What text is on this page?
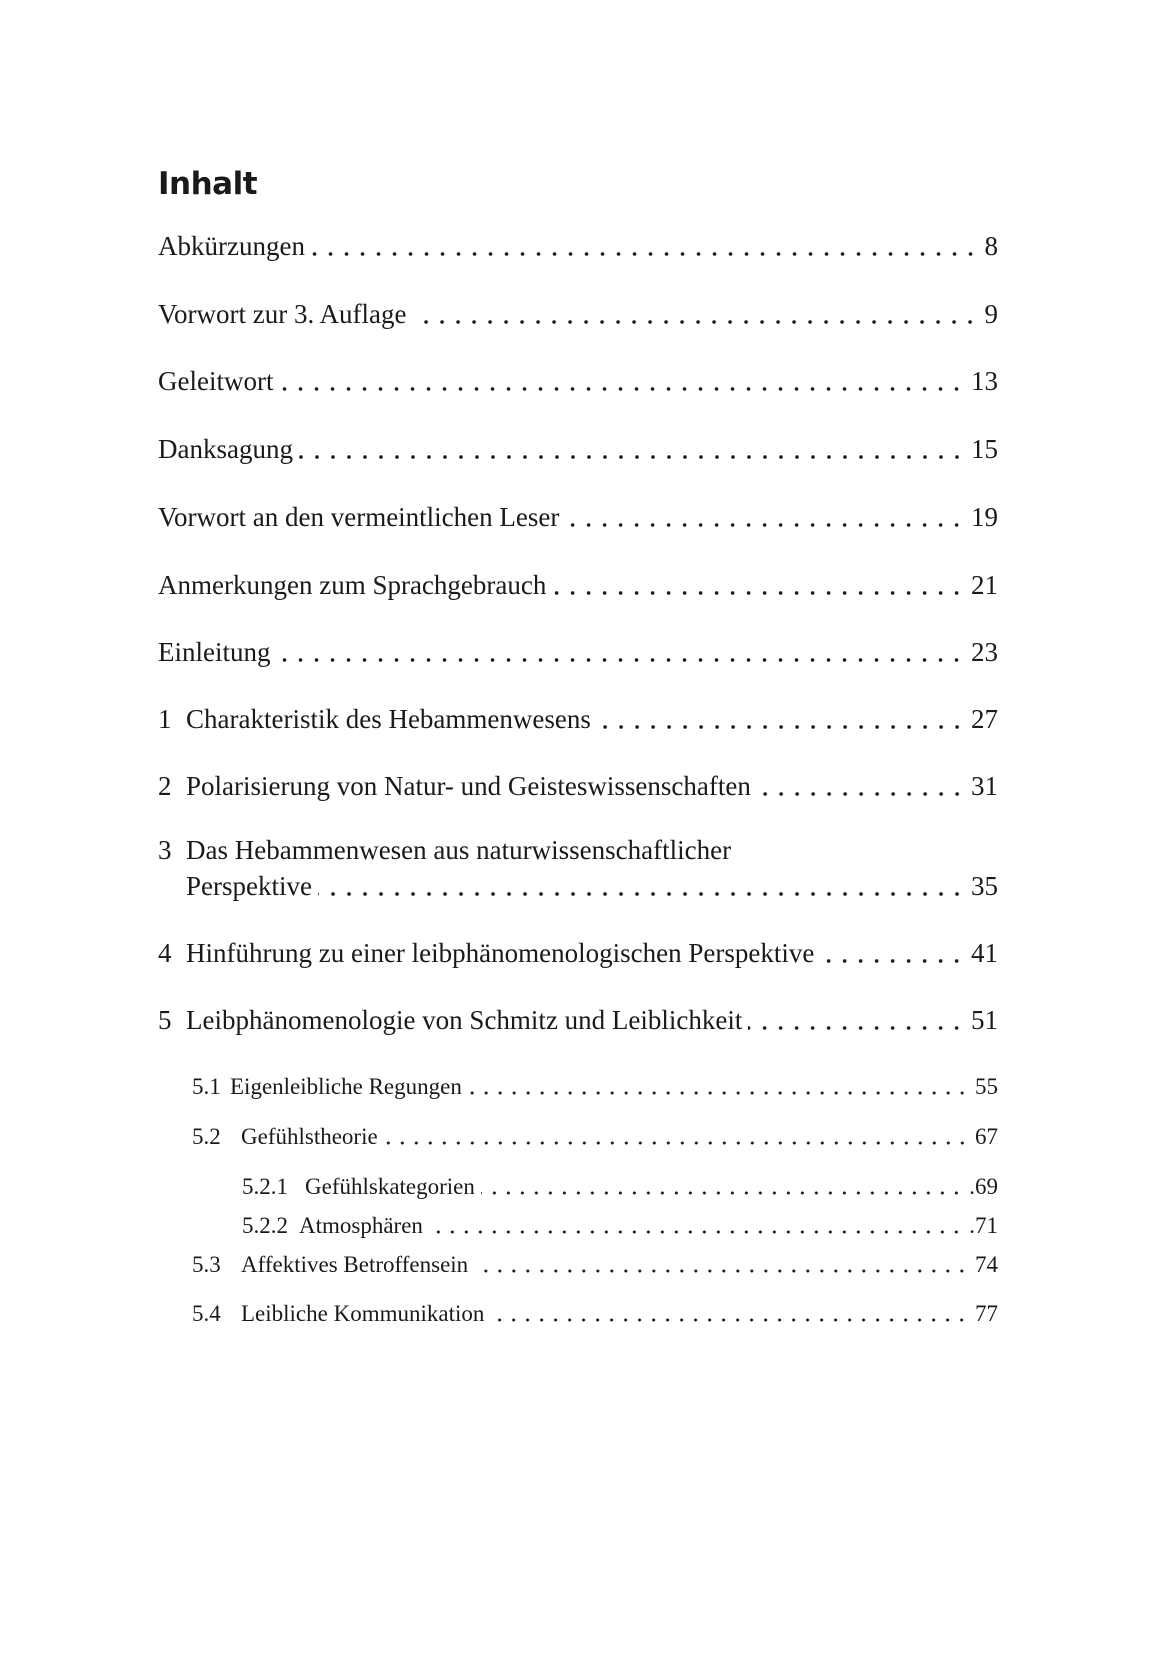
Inhalt
Abkürzungen	8
Vorwort zur 3. Auflage	9
Geleitwort	13
Danksagung	15
Vorwort an den vermeintlichen Leser	19
Anmerkungen zum Sprachgebrauch	21
Einleitung	23
1 Charakteristik des Hebammenwesens	27
2 Polarisierung von Natur- und Geisteswissenschaften	31
3 Das Hebammenwesen aus naturwissenschaftlicher
Perspektive	35
4 Hinführung zu einer leibphänomenologischen Perspektive	41
5 Leibphänomenologie von Schmitz und Leiblichkeit	51
5.1 Eigenleibliche Regungen	55
5.2 Gefühlstheorie	67
5.2.1 Gefühlskategorien	.69
5.2.2 Atmosphären	.71
5.3 Affektives Betroffensein	74
5.4 Leibliche Kommunikation	77
